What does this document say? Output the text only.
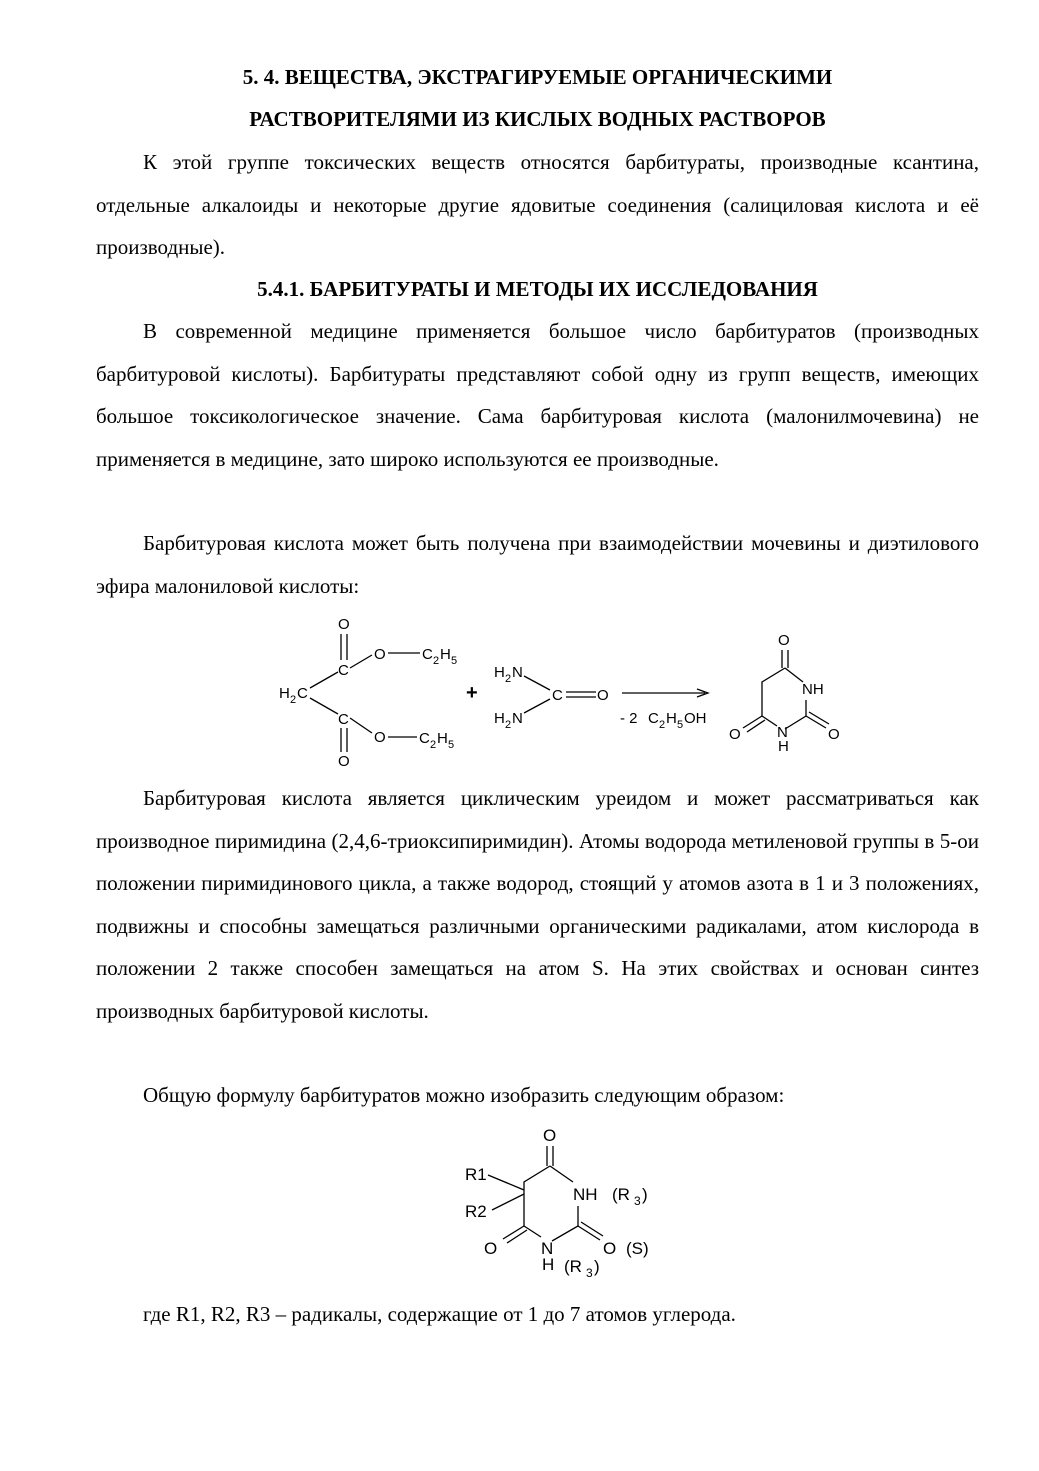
5. 4. ВЕЩЕСТВА, ЭКСТРАГИРУЕМЫЕ ОРГАНИЧЕСКИМИ
РАСТВОРИТЕЛЯМИ ИЗ КИСЛЫХ ВОДНЫХ РАСТВОРОВ

К этой группе токсических веществ относятся барбитураты, производные ксантина, отдельные алкалоиды и некоторые другие ядовитые соединения (салициловая кислота и её производные).

5.4.1. БАРБИТУРАТЫ И МЕТОДЫ ИХ ИССЛЕДОВАНИЯ

В современной медицине применяется большое число барбитуратов (производных барбитуровой кислоты). Барбитураты представляют собой одну из групп веществ, имеющих большое токсикологическое значение. Сама барбитуровая кислота (малонилмочевина) не применяется в медицине, зато широко используются ее производные.

Барбитуровая кислота может быть получена при взаимодействии мочевины и диэтилового эфира малониловой кислоты:

O
C
O C 2 H 5
H 2 C
C
O
O C 2 H 5
+
H 2 N
H 2 N
C O
- 2 C 2 H 5 OH
O
NH
O N
H
O

Барбитуровая кислота является циклическим уреидом и может рассматриваться как производное пиримидина (2,4,6-триоксипиримидин). Атомы водорода метиленовой группы в 5-ои положении пиримидинового цикла, а также водород, стоящий у атомов азота в 1 и 3 положениях, подвижны и способны замещаться различными органическими радикалами, атом кислорода в положении 2 также способен замещаться на атом S. На этих свойствах и основан синтез производных барбитуровой кислоты.

Общую формулу барбитуратов можно изобразить следующим образом:

O
NH (R 3 )
R1
R2
O	N
H (R 3 )
O (S)

где R1, R2, R3 – радикалы, содержащие от 1 до 7 атомов углерода.
